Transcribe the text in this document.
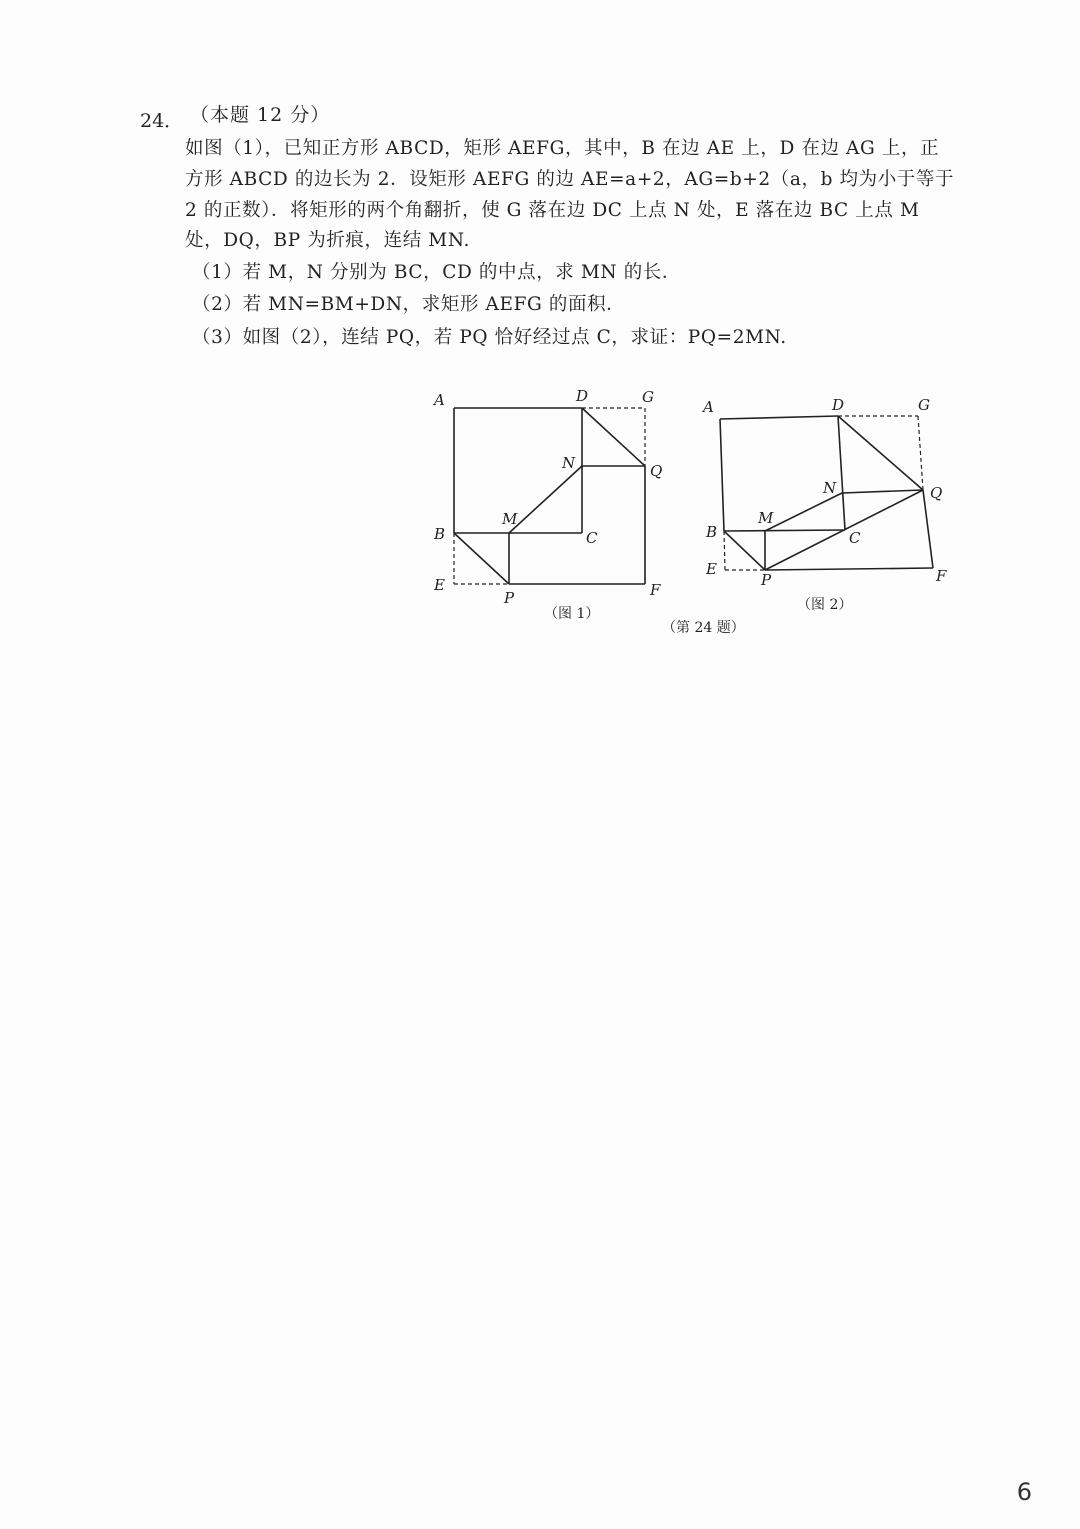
24． （本题 12 分）
如图（1），已知正方形 ABCD，矩形 AEFG，其中，B 在边 AE 上，D 在边 AG 上，正
方形 ABCD 的边长为 2．设矩形 AEFG 的边 AE=a+2，AG=b+2（a，b 均为小于等于
2 的正数）．将矩形的两个角翻折，使 G 落在边 DC 上点 N 处，E 落在边 BC 上点 M
处，DQ，BP 为折痕，连结 MN.
（1）若 M，N 分别为 BC，CD 的中点，求 MN 的长．
（2）若 MN=BM+DN，求矩形 AEFG 的面积．
（3）如图（2），连结 PQ，若 PQ 恰好经过点 C，求证：PQ=2MN.
A	D	G
N	Q
B
M
C
E
P	F
A	D	G
N	Q
B
M
C
E
P	F
（图 1）
（图 2）
（第 24 题）
6
